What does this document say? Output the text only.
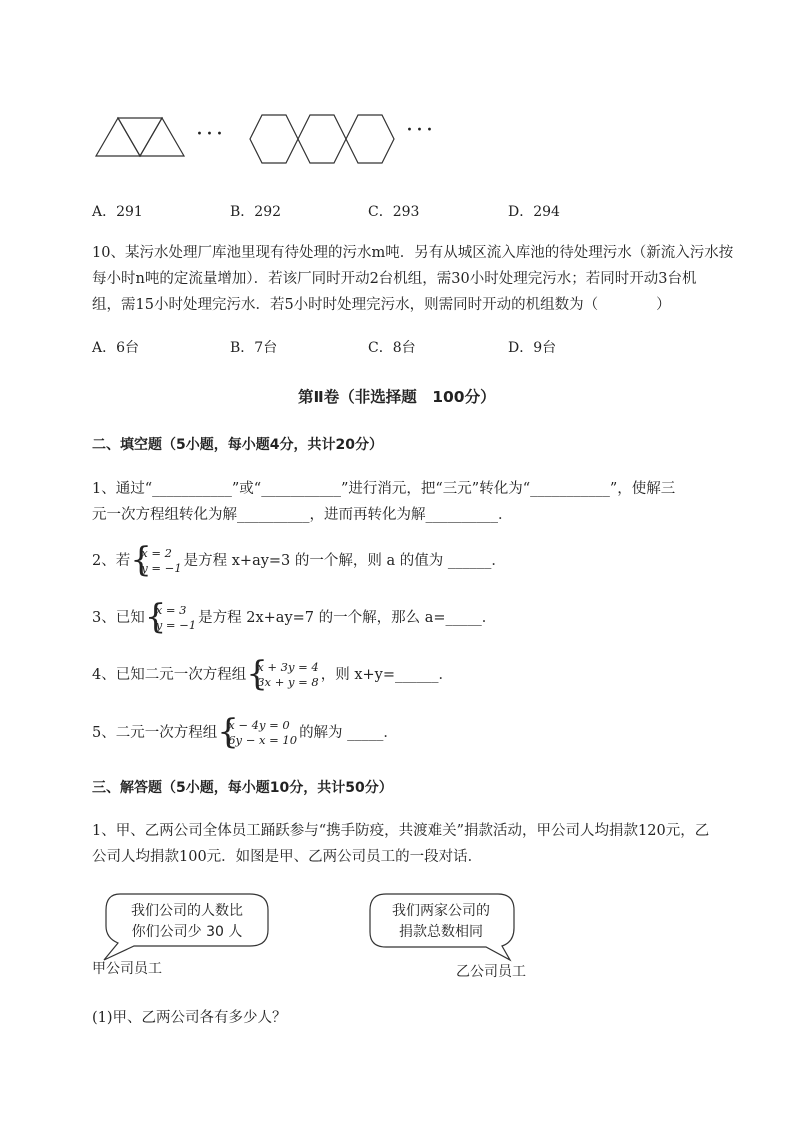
···	···
A．291	B．292	C．293	D．294
10、某污水处理厂库池里现有待处理的污水m吨．另有从城区流入库池的待处理污水（新流入污水按
每小时n吨的定流量增加）．若该厂同时开动2台机组，需30小时处理完污水；若同时开动3台机
组，需15小时处理完污水．若5小时时处理完污水，则需同时开动的机组数为（　　　　）
A．6台	B．7台	C．8台	D．9台
第Ⅱ卷（非选择题　100分）
二、填空题（5小题，每小题4分，共计20分）
1、通过“___________”或“___________”进行消元，把“三元”转化为“___________”，使解三
元一次方程组转化为解__________，进而再转化为解__________．
2、若 { x = 2
y = −1 是方程 x+ay=3 的一个解，则 a 的值为 ______．
3、已知 { x = 3
y = −1 是方程 2x+ay=7 的一个解，那么 a=_____．
4、已知二元一次方程组 { x + 3y = 4
3x + y = 8 ，则 x+y=______．
5、二元一次方程组 { x − 4y = 0
6y − x = 10 的解为 _____．
三、解答题（5小题，每小题10分，共计50分）
1、甲、乙两公司全体员工踊跃参与“携手防疫，共渡难关”捐款活动，甲公司人均捐款120元，乙
公司人均捐款100元．如图是甲、乙两公司员工的一段对话．
我们公司的人数比
你们公司少 30 人
我们两家公司的
捐款总数相同
甲公司员工	乙公司员工
(1)甲、乙两公司各有多少人？
